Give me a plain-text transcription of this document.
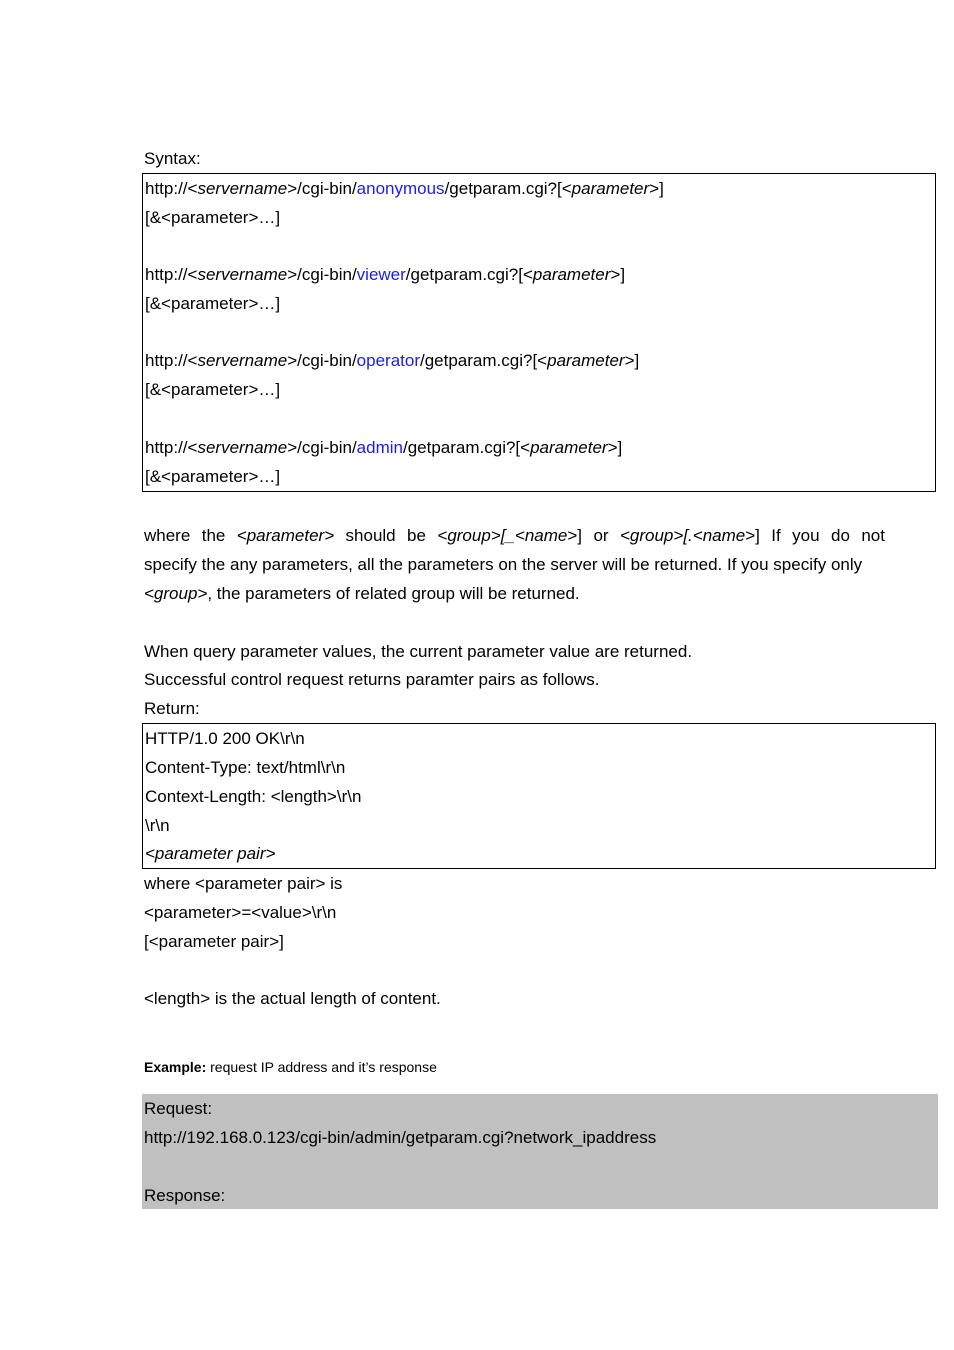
Syntax:
http://<servername>/cgi-bin/anonymous/getparam.cgi?[<parameter>]
[&<parameter>…]
http://<servername>/cgi-bin/viewer/getparam.cgi?[<parameter>]
[&<parameter>…]
http://<servername>/cgi-bin/operator/getparam.cgi?[<parameter>]
[&<parameter>…]
http://<servername>/cgi-bin/admin/getparam.cgi?[<parameter>]
[&<parameter>…]
where the <parameter> should be <group>[_<name>] or <group>[.<name>] If you do not
specify the any parameters, all the parameters on the server will be returned. If you specify only
<group>, the parameters of related group will be returned.
When query parameter values, the current parameter value are returned.
Successful control request returns paramter pairs as follows.
Return:
HTTP/1.0 200 OK\r\n
Content-Type: text/html\r\n
Context-Length: <length>\r\n
\r\n
<parameter pair>
where <parameter pair> is
<parameter>=<value>\r\n
[<parameter pair>]
<length> is the actual length of content.
Example: request IP address and it’s response
Request:
http://192.168.0.123/cgi-bin/admin/getparam.cgi?network_ipaddress
Response:
